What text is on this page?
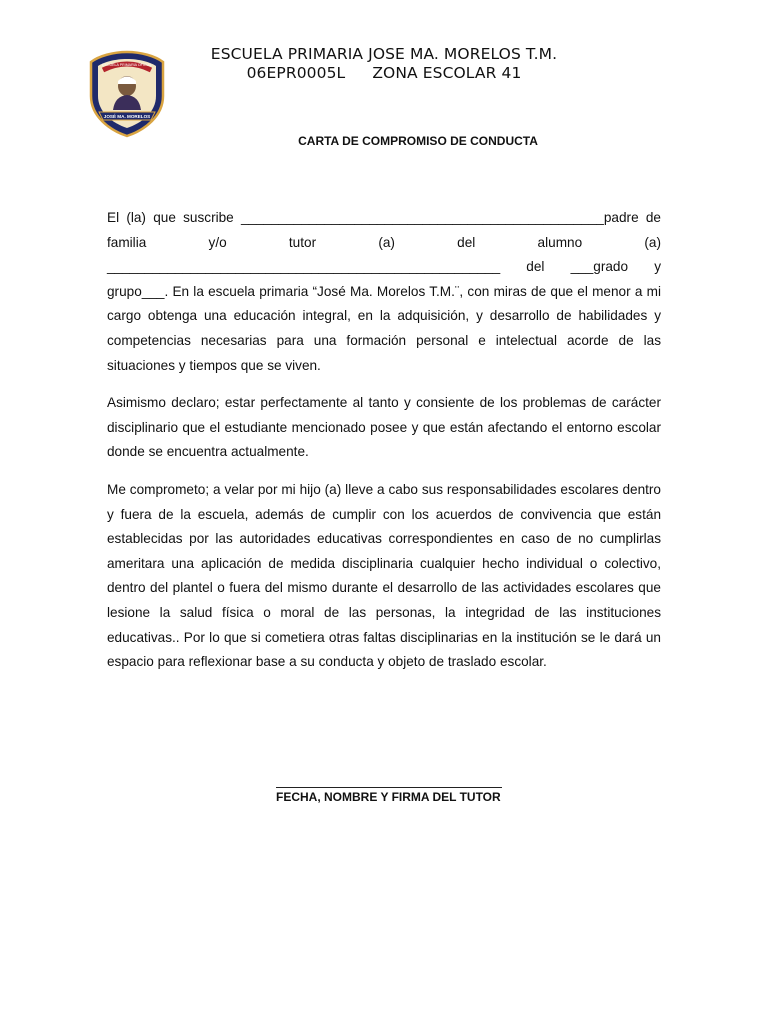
ESCUELA PRIMARIA OFICIAL
JOSÉ MA. MORELOS
ESCUELA PRIMARIA JOSE MA. MORELOS T.M.
06EPR0005L ZONA ESCOLAR 41
CARTA DE COMPROMISO DE CONDUCTA

El (la) que suscribe ________________________________________________padre de
familia y/o tutor (a) del alumno (a)
____________________________________________________ del ___grado y
grupo___. En la escuela primaria “José Ma. Morelos T.M.¨, con miras de que el menor a mi cargo obtenga una educación integral, en la adquisición, y desarrollo de habilidades y competencias necesarias para una formación personal e intelectual acorde de las situaciones y tiempos que se viven.

Asimismo declaro; estar perfectamente al tanto y consiente de los problemas de carácter disciplinario que el estudiante mencionado posee y que están afectando el entorno escolar donde se encuentra actualmente.

Me comprometo; a velar por mi hijo (a) lleve a cabo sus responsabilidades escolares dentro y fuera de la escuela, además de cumplir con los acuerdos de convivencia que están establecidas por las autoridades educativas correspondientes en caso de no cumplirlas ameritara una aplicación de medida disciplinaria cualquier hecho individual o colectivo, dentro del plantel o fuera del mismo durante el desarrollo de las actividades escolares que lesione la salud física o moral de las personas, la integridad de las instituciones educativas.. Por lo que si cometiera otras faltas disciplinarias en la institución se le dará un espacio para reflexionar base a su conducta y objeto de traslado escolar.

FECHA, NOMBRE Y FIRMA DEL TUTOR
